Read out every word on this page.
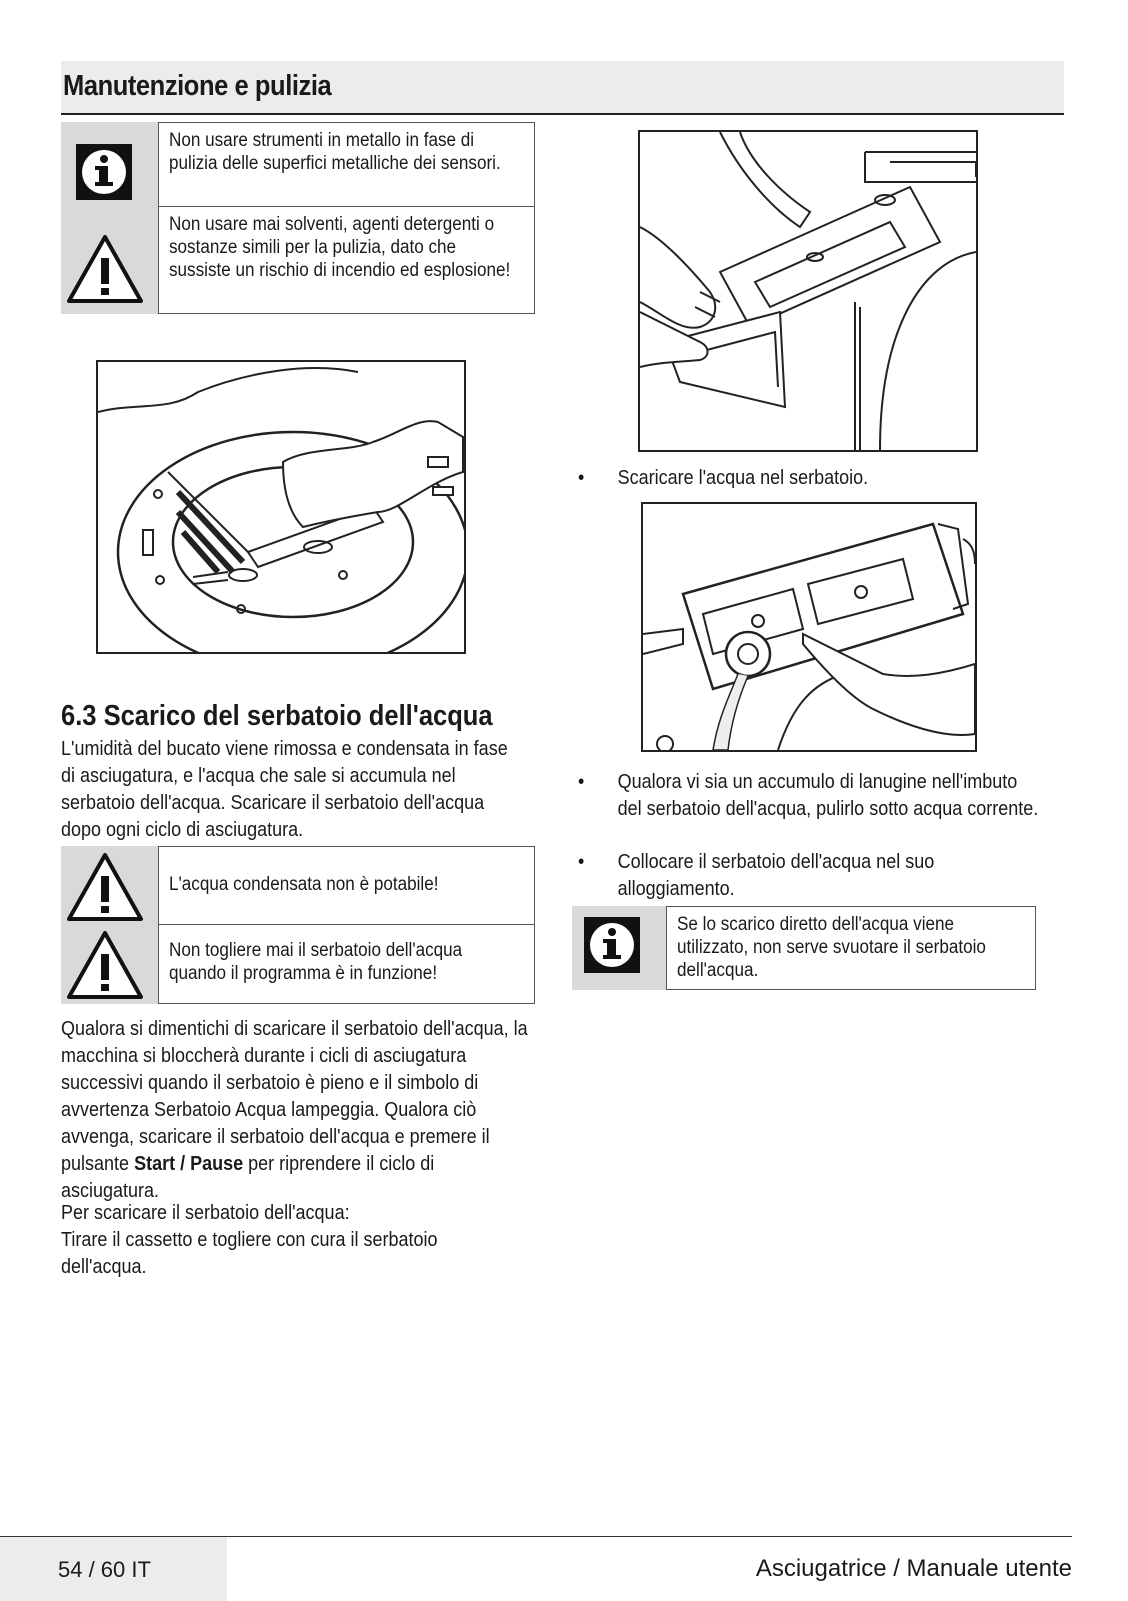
Manutenzione e pulizia
Non usare strumenti in metallo in fase di pulizia delle superfici metalliche dei sensori.
Non usare mai solventi, agenti detergenti o sostanze simili per la pulizia, dato che sussiste un rischio di incendio ed esplosione!
6.3 Scarico del serbatoio dell'acqua
L'umidità del bucato viene rimossa e condensata in fase di asciugatura, e l'acqua che sale si accumula nel serbatoio dell'acqua. Scaricare il serbatoio dell'acqua dopo ogni ciclo di asciugatura.
L'acqua condensata non è potabile!
Non togliere mai il serbatoio dell'acqua quando il programma è in funzione!
Qualora si dimentichi di scaricare il serbatoio dell'acqua, la macchina si bloccherà durante i cicli di asciugatura successivi quando il serbatoio è pieno e il simbolo di avvertenza Serbatoio Acqua lampeggia. Qualora ciò avvenga, scaricare il serbatoio dell'acqua e premere il pulsante Start / Pause per riprendere il ciclo di asciugatura.
Per scaricare il serbatoio dell'acqua:
Tirare il cassetto e togliere con cura il serbatoio dell'acqua.
•	Scaricare l'acqua nel serbatoio.
•	Qualora vi sia un accumulo di lanugine nell'imbuto del serbatoio dell'acqua, pulirlo sotto acqua corrente.
•	Collocare il serbatoio dell'acqua nel suo alloggiamento.
Se lo scarico diretto dell'acqua viene utilizzato, non serve svuotare il serbatoio dell'acqua.
54 / 60 IT	Asciugatrice / Manuale utente
